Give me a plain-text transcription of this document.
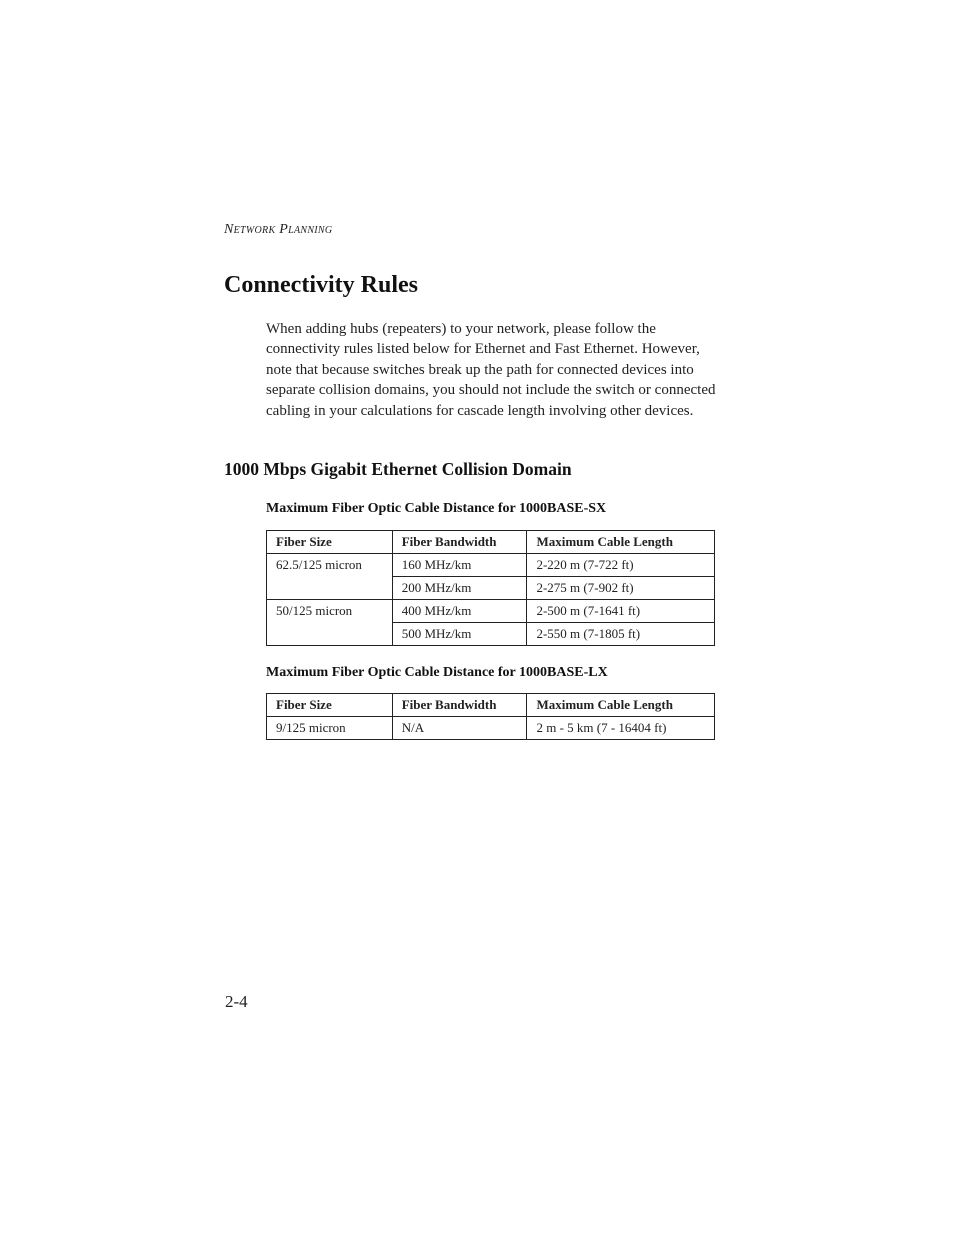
Network Planning
Connectivity Rules

When adding hubs (repeaters) to your network, please follow the connectivity rules listed below for Ethernet and Fast Ethernet. However, note that because switches break up the path for connected devices into separate collision domains, you should not include the switch or connected cabling in your calculations for cascade length involving other devices.

1000 Mbps Gigabit Ethernet Collision Domain
Maximum Fiber Optic Cable Distance for 1000BASE-SX
Fiber Size	Fiber Bandwidth	Maximum Cable Length
62.5/125 micron	160 MHz/km	2-220 m (7-722 ft)
	200 MHz/km	2-275 m (7-902 ft)
50/125 micron	400 MHz/km	2-500 m (7-1641 ft)
	500 MHz/km	2-550 m (7-1805 ft)
Maximum Fiber Optic Cable Distance for 1000BASE-LX
Fiber Size	Fiber Bandwidth	Maximum Cable Length
9/125 micron	N/A	2 m - 5 km (7 - 16404 ft)
2-4
